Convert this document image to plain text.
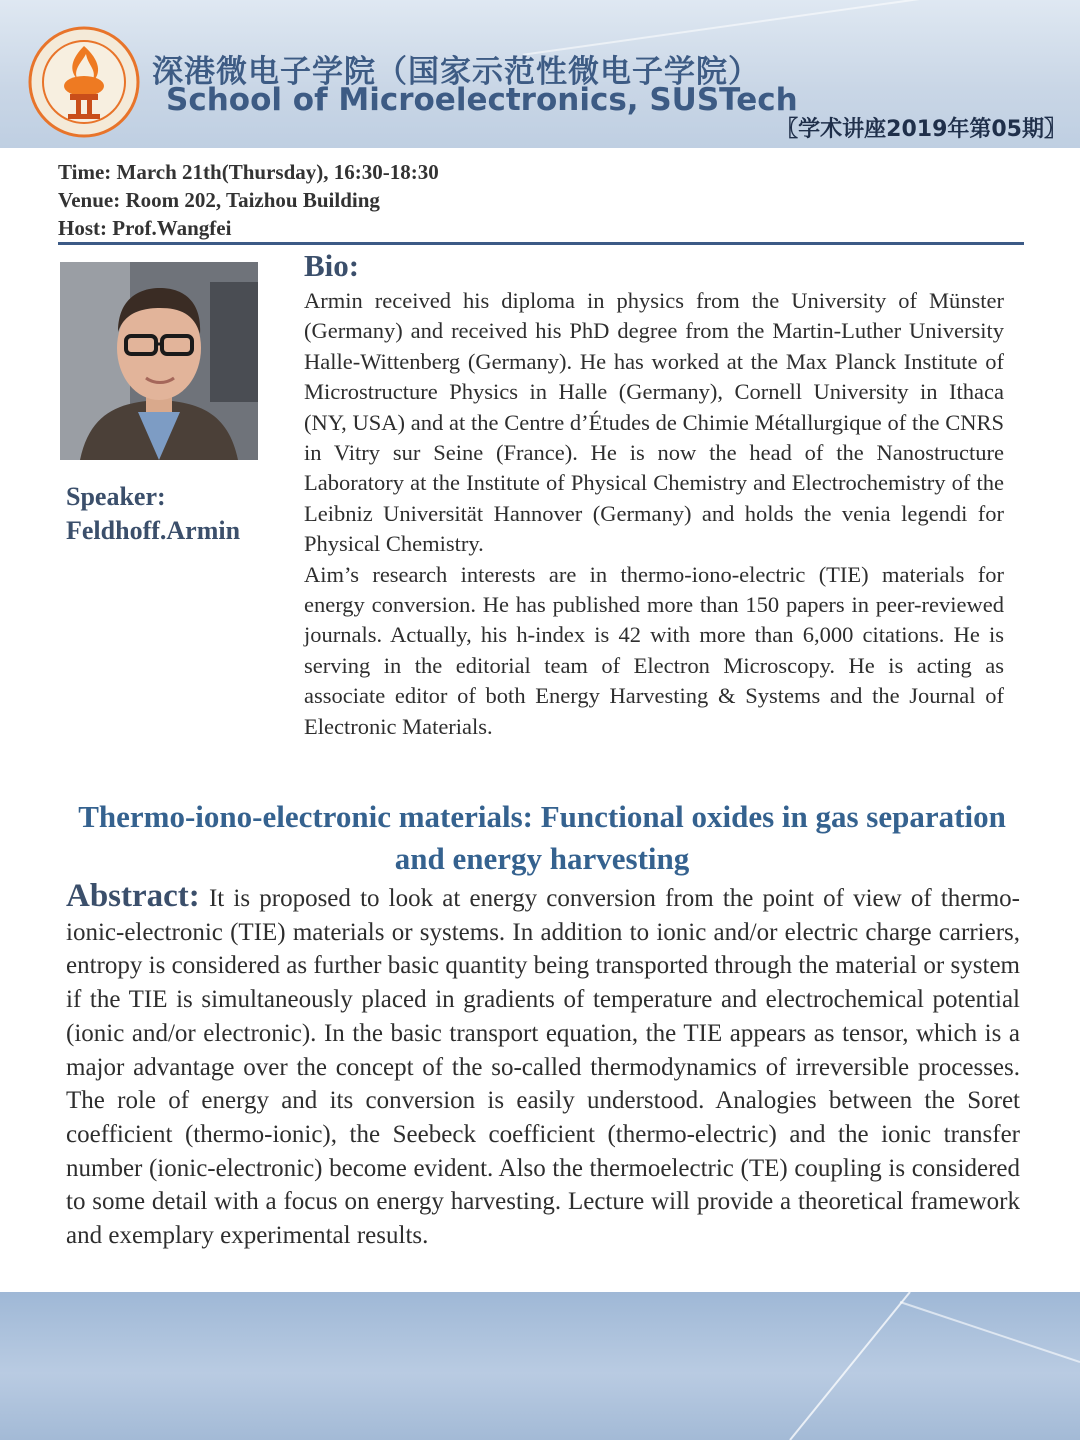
深港微电子学院（国家示范性微电子学院）
School of Microelectronics, SUSTech
〖学术讲座2019年第05期〗
Time: March 21th(Thursday), 16:30-18:30
Venue: Room 202, Taizhou Building
Host: Prof.Wangfei
Speaker:
Feldhoff.Armin
Bio:

Armin received his diploma in physics from the University of Münster (Germany) and received his PhD degree from the Martin-Luther University Halle-Wittenberg (Germany). He has worked at the Max Planck Institute of Microstructure Physics in Halle (Germany), Cornell University in Ithaca (NY, USA) and at the Centre d’Études de Chimie Métallurgique of the CNRS in Vitry sur Seine (France). He is now the head of the Nanostructure Laboratory at the Institute of Physical Chemistry and Electrochemistry of the Leibniz Universität Hannover (Germany) and holds the venia legendi for Physical Chemistry.

Aim’s research interests are in thermo-iono-electric (TIE) materials for energy conversion. He has published more than 150 papers in peer-reviewed journals. Actually, his h-index is 42 with more than 6,000 citations. He is serving in the editorial team of Electron Microscopy. He is acting as associate editor of both Energy Harvesting & Systems and the Journal of Electronic Materials.

Thermo-iono-electronic materials: Functional oxides in gas separation and energy harvesting
Abstract: It is proposed to look at energy conversion from the point of view of thermo-ionic-electronic (TIE) materials or systems. In addition to ionic and/or electric charge carriers, entropy is considered as further basic quantity being transported through the material or system if the TIE is simultaneously placed in gradients of temperature and electrochemical potential (ionic and/or electronic). In the basic transport equation, the TIE appears as tensor, which is a major advantage over the concept of the so-called thermodynamics of irreversible processes. The role of energy and its conversion is easily understood. Analogies between the Soret coefficient (thermo-ionic), the Seebeck coefficient (thermo-electric) and the ionic transfer number (ionic-electronic) become evident. Also the thermoelectric (TE) coupling is considered to some detail with a focus on energy harvesting. Lecture will provide a theoretical framework and exemplary experimental results.
